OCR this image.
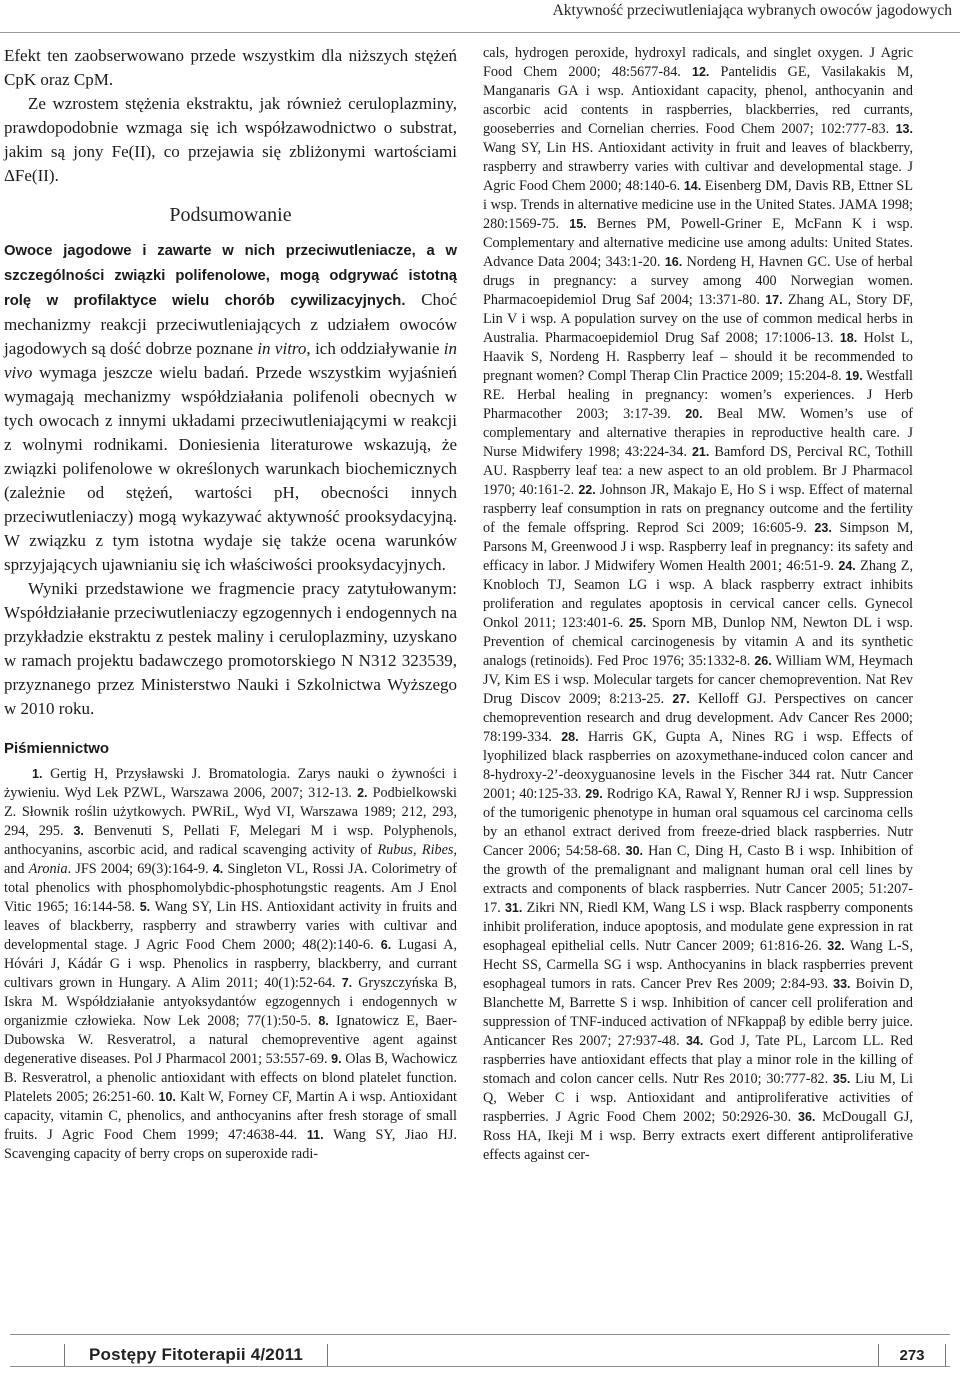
Aktywność przeciwutleniająca wybranych owoców jagodowych

Efekt ten zaobserwowano przede wszystkim dla niższych stężeń CpK oraz CpM.

Ze wzrostem stężenia ekstraktu, jak również ceruloplazminy, prawdopodobnie wzmaga się ich współzawodnictwo o substrat, jakim są jony Fe(II), co przejawia się zbliżonymi wartościami ΔFe(II).

Podsumowanie

Owoce jagodowe i zawarte w nich przeciwutleniacze, a w szczególności związki polifenolowe, mogą odgrywać istotną rolę w profilaktyce wielu chorób cywilizacyjnych. Choć mechanizmy reakcji przeciwutleniających z udziałem owoców jagodowych są dość dobrze poznane in vitro, ich oddziaływanie in vivo wymaga jeszcze wielu badań. Przede wszystkim wyjaśnień wymagają mechanizmy współdziałania polifenoli obecnych w tych owocach z innymi układami przeciwutleniającymi w reakcji z wolnymi rodnikami. Doniesienia literaturowe wskazują, że związki polifenolowe w określonych warunkach biochemicznych (zależnie od stężeń, wartości pH, obecności innych przeciwutleniaczy) mogą wykazywać aktywność prooksydacyjną. W związku z tym istotna wydaje się także ocena warunków sprzyjających ujawnianiu się ich właściwości prooksydacyjnych.

Wyniki przedstawione we fragmencie pracy zatytułowanym: Współdziałanie przeciwutleniaczy egzogennych i endogennych na przykładzie ekstraktu z pestek maliny i ceruloplazminy, uzyskano w ramach projektu badawczego promotorskiego N N312 323539, przyznanego przez Ministerstwo Nauki i Szkolnictwa Wyższego w 2010 roku.

Piśmiennictwo

1. Gertig H, Przysławski J. Bromatologia. Zarys nauki o żywności i żywieniu. Wyd Lek PZWL, Warszawa 2006, 2007; 312-13. 2. Podbielkowski Z. Słownik roślin użytkowych. PWRiL, Wyd VI, Warszawa 1989; 212, 293, 294, 295. 3. Benvenuti S, Pellati F, Melegari M i wsp. Polyphenols, anthocyanins, ascorbic acid, and radical scavenging activity of Rubus, Ribes, and Aronia. JFS 2004; 69(3):164-9. 4. Singleton VL, Rossi JA. Colorimetry of total phenolics with phosphomolybdic-phosphotungstic reagents. Am J Enol Vitic 1965; 16:144-58. 5. Wang SY, Lin HS. Antioxidant activity in fruits and leaves of blackberry, raspberry and strawberry varies with cultivar and developmental stage. J Agric Food Chem 2000; 48(2):140-6. 6. Lugasi A, Hóvári J, Kádár G i wsp. Phenolics in raspberry, blackberry, and currant cultivars grown in Hungary. A Alim 2011; 40(1):52-64. 7. Gryszczyńska B, Iskra M. Współdziałanie antyoksydantów egzogennych i endogennych w organizmie człowieka. Now Lek 2008; 77(1):50-5. 8. Ignatowicz E, Baer-Dubowska W. Resveratrol, a natural chemopreventive agent against degenerative diseases. Pol J Pharmacol 2001; 53:557-69. 9. Olas B, Wachowicz B. Resveratrol, a phenolic antioxidant with effects on blond platelet function. Platelets 2005; 26:251-60. 10. Kalt W, Forney CF, Martin A i wsp. Antioxidant capacity, vitamin C, phenolics, and anthocyanins after fresh storage of small fruits. J Agric Food Chem 1999; 47:4638-44. 11. Wang SY, Jiao HJ. Scavenging capacity of berry crops on superoxide radi-

cals, hydrogen peroxide, hydroxyl radicals, and singlet oxygen. J Agric Food Chem 2000; 48:5677-84. 12. Pantelidis GE, Vasilakakis M, Manganaris GA i wsp. Antioxidant capacity, phenol, anthocyanin and ascorbic acid contents in raspberries, blackberries, red currants, gooseberries and Cornelian cherries. Food Chem 2007; 102:777-83. 13. Wang SY, Lin HS. Antioxidant activity in fruit and leaves of blackberry, raspberry and strawberry varies with cultivar and developmental stage. J Agric Food Chem 2000; 48:140-6. 14. Eisenberg DM, Davis RB, Ettner SL i wsp. Trends in alternative medicine use in the United States. JAMA 1998; 280:1569-75. 15. Bernes PM, Powell-Griner E, McFann K i wsp. Complementary and alternative medicine use among adults: United States. Advance Data 2004; 343:1-20. 16. Nordeng H, Havnen GC. Use of herbal drugs in pregnancy: a survey among 400 Norwegian women. Pharmacoepidemiol Drug Saf 2004; 13:371-80. 17. Zhang AL, Story DF, Lin V i wsp. A population survey on the use of common medical herbs in Australia. Pharmacoepidemiol Drug Saf 2008; 17:1006-13. 18. Holst L, Haavik S, Nordeng H. Raspberry leaf – should it be recommended to pregnant women? Compl Therap Clin Practice 2009; 15:204-8. 19. Westfall RE. Herbal healing in pregnancy: women’s experiences. J Herb Pharmacother 2003; 3:17-39. 20. Beal MW. Women’s use of complementary and alternative therapies in reproductive health care. J Nurse Midwifery 1998; 43:224-34. 21. Bamford DS, Percival RC, Tothill AU. Raspberry leaf tea: a new aspect to an old problem. Br J Pharmacol 1970; 40:161-2. 22. Johnson JR, Makajo E, Ho S i wsp. Effect of maternal raspberry leaf consumption in rats on pregnancy outcome and the fertility of the female offspring. Reprod Sci 2009; 16:605-9. 23. Simpson M, Parsons M, Greenwood J i wsp. Raspberry leaf in pregnancy: its safety and efficacy in labor. J Midwifery Women Health 2001; 46:51-9. 24. Zhang Z, Knobloch TJ, Seamon LG i wsp. A black raspberry extract inhibits proliferation and regulates apoptosis in cervical cancer cells. Gynecol Onkol 2011; 123:401-6. 25. Sporn MB, Dunlop NM, Newton DL i wsp. Prevention of chemical carcinogenesis by vitamin A and its synthetic analogs (retinoids). Fed Proc 1976; 35:1332-8. 26. William WM, Heymach JV, Kim ES i wsp. Molecular targets for cancer chemoprevention. Nat Rev Drug Discov 2009; 8:213-25. 27. Kelloff GJ. Perspectives on cancer chemoprevention research and drug development. Adv Cancer Res 2000; 78:199-334. 28. Harris GK, Gupta A, Nines RG i wsp. Effects of lyophilized black raspberries on azoxymethane-induced colon cancer and 8-hydroxy-2’-deoxyguanosine levels in the Fischer 344 rat. Nutr Cancer 2001; 40:125-33. 29. Rodrigo KA, Rawal Y, Renner RJ i wsp. Suppression of the tumorigenic phenotype in human oral squamous cel carcinoma cells by an ethanol extract derived from freeze-dried black raspberries. Nutr Cancer 2006; 54:58-68. 30. Han C, Ding H, Casto B i wsp. Inhibition of the growth of the premalignant and malignant human oral cell lines by extracts and components of black raspberries. Nutr Cancer 2005; 51:207-17. 31. Zikri NN, Riedl KM, Wang LS i wsp. Black raspberry components inhibit proliferation, induce apoptosis, and modulate gene expression in rat esophageal epithelial cells. Nutr Cancer 2009; 61:816-26. 32. Wang L-S, Hecht SS, Carmella SG i wsp. Anthocyanins in black raspberries prevent esophageal tumors in rats. Cancer Prev Res 2009; 2:84-93. 33. Boivin D, Blanchette M, Barrette S i wsp. Inhibition of cancer cell proliferation and suppression of TNF-induced activation of NFkappaβ by edible berry juice. Anticancer Res 2007; 27:937-48. 34. God J, Tate PL, Larcom LL. Red raspberries have antioxidant effects that play a minor role in the killing of stomach and colon cancer cells. Nutr Res 2010; 30:777-82. 35. Liu M, Li Q, Weber C i wsp. Antioxidant and antiproliferative activities of raspberries. J Agric Food Chem 2002; 50:2926-30. 36. McDougall GJ, Ross HA, Ikeji M i wsp. Berry extracts exert different antiproliferative effects against cer-

Postępy Fitoterapii 4/2011	273
